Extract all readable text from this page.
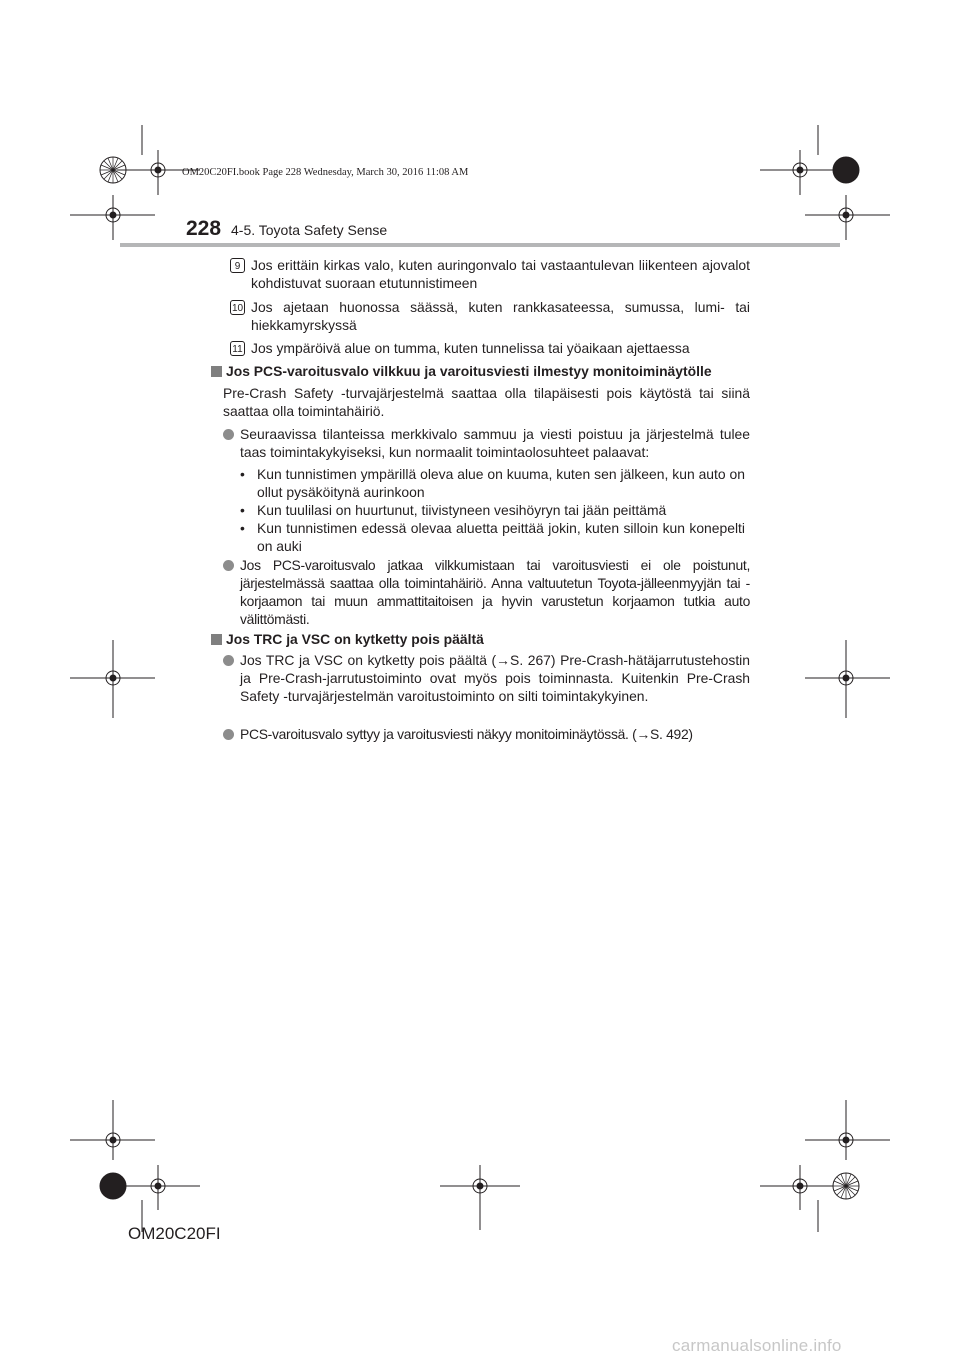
OM20C20FI.book Page 228 Wednesday, March 30, 2016 11:08 AM
228 4-5. Toyota Safety Sense
9 Jos erittäin kirkas valo, kuten auringonvalo tai vastaantulevan liikenteen ajovalot kohdistuvat suoraan etutunnistimeen
10 Jos ajetaan huonossa säässä, kuten rankkasateessa, sumussa, lumi- tai hiekkamyrskyssä
11 Jos ympäröivä alue on tumma, kuten tunnelissa tai yöaikaan ajettaessa
Jos PCS-varoitusvalo vilkkuu ja varoitusviesti ilmestyy monitoiminäytölle
Pre-Crash Safety -turvajärjestelmä saattaa olla tilapäisesti pois käytöstä tai siinä saattaa olla toimintahäiriö.
Seuraavissa tilanteissa merkkivalo sammuu ja viesti poistuu ja järjestelmä tulee taas toimintakykyiseksi, kun normaalit toimintaolosuhteet palaavat:
• Kun tunnistimen ympärillä oleva alue on kuuma, kuten sen jälkeen, kun auto on ollut pysäköitynä aurinkoon
• Kun tuulilasi on huurtunut, tiivistyneen vesihöyryn tai jään peittämä
• Kun tunnistimen edessä olevaa aluetta peittää jokin, kuten silloin kun konepelti on auki
Jos PCS-varoitusvalo jatkaa vilkkumistaan tai varoitusviesti ei ole poistunut, järjestelmässä saattaa olla toimintahäiriö. Anna valtuutetun Toyota-jälleenmyyjän tai -korjaamon tai muun ammattitaitoisen ja hyvin varustetun korjaamon tutkia auto välittömästi.
Jos TRC ja VSC on kytketty pois päältä
Jos TRC ja VSC on kytketty pois päältä (→S. 267) Pre-Crash-hätäjarrutustehostin ja Pre-Crash-jarrutustoiminto ovat myös pois toiminnasta. Kuitenkin Pre-Crash Safety -turvajärjestelmän varoitustoiminto on silti toimintakykyinen.
PCS-varoitusvalo syttyy ja varoitusviesti näkyy monitoiminäytössä. (→S. 492)
OM20C20FI
carmanualsonline.info
